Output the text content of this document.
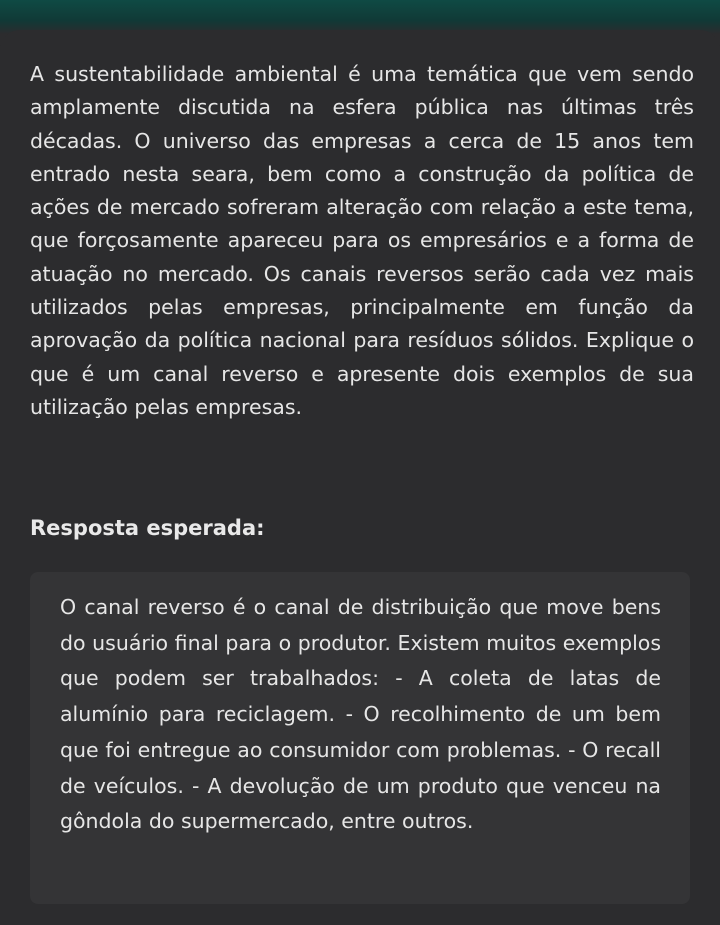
A sustentabilidade ambiental é uma temática que vem sendo amplamente discutida na esfera pública nas últimas três décadas. O universo das empresas a cerca de 15 anos tem entrado nesta seara, bem como a construção da política de ações de mercado sofreram alteração com relação a este tema, que forçosamente apareceu para os empresários e a forma de atuação no mercado. Os canais reversos serão cada vez mais utilizados pelas empresas, principalmente em função da aprovação da política nacional para resíduos sólidos. Explique o que é um canal reverso e apresente dois exemplos de sua utilização pelas empresas.

Resposta esperada:

O canal reverso é o canal de distribuição que move bens do usuário final para o produtor. Existem muitos exemplos que podem ser trabalhados: - A coleta de latas de alumínio para reciclagem. - O recolhimento de um bem que foi entregue ao consumidor com problemas. - O recall de veículos. - A devolução de um produto que venceu na gôndola do supermercado, entre outros.
